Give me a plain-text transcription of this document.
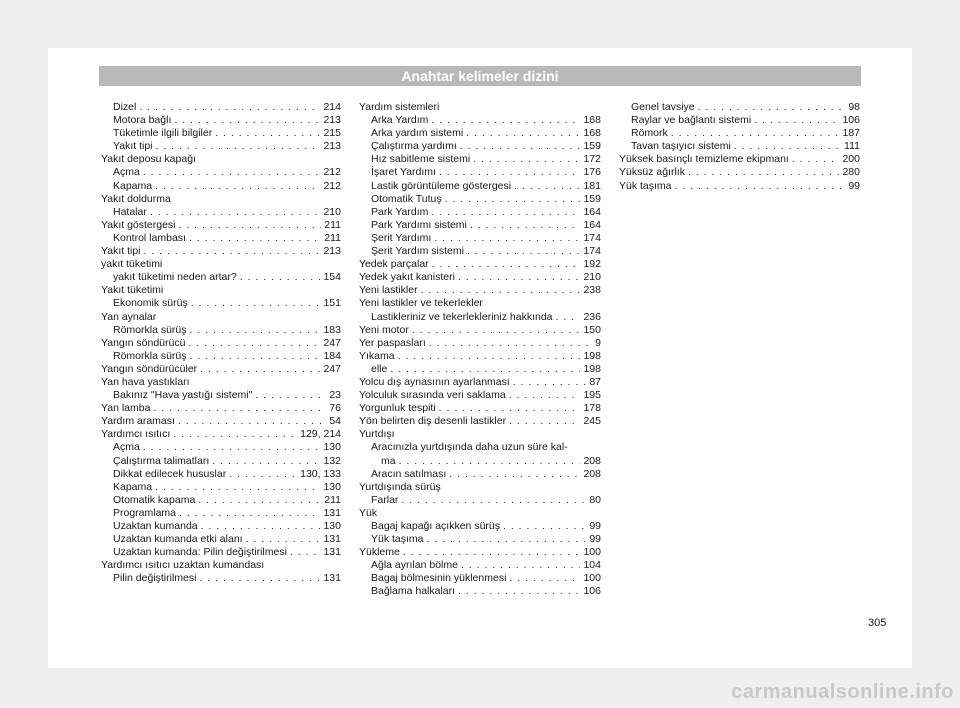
Anahtar kelimeler dizini
Dizel . . .	214
Motora bağlı . . .	213
Tüketimle ilgili bilgiler . . .	215
Yakıt tipi . . .	213
Yakıt deposu kapağı
Açma . . .	212
Kapama . . .	212
Yakıt doldurma
Hatalar . . .	210
Yakıt göstergesi . . .	211
Kontrol lambası . . .	211
Yakıt tipi . . .	213
yakıt tüketimi
yakıt tüketimi neden artar? . . .	154
Yakıt tüketimi
Ekonomik sürüş . . .	151
Yan aynalar
Römorkla sürüş . . .	183
Yangın söndürücü . . .	247
Römorkla sürüş . . .	184
Yangın söndürücüler . . .	247
Yan hava yastıkları
Bakınız "Hava yastığı sistemi" . . .	23
Yan lamba . . .	76
Yardım araması . . .	54
Yardımcı ısıtıcı . . .	129, 214
Açma . . .	130
Çalıştırma talimatları . . .	132
Dikkat edilecek hususlar . . .	130, 133
Kapama . . .	130
Otomatik kapama . . .	211
Programlama . . .	131
Uzaktan kumanda . . .	130
Uzaktan kumanda etki alanı . . .	131
Uzaktan kumanda: Pilin değiştirilmesi . . .	131
Yardımcı ısıtıcı uzaktan kumandası
Pilin değiştirilmesi . . .	131
Yardım sistemleri
Arka Yardım . . .	168
Arka yardım sistemi . . .	168
Çalıştırma yardımı . . .	159
Hız sabitleme sistemi . . .	172
İşaret Yardımı . . .	176
Lastik görüntüleme göstergesi . . .	181
Otomatik Tutuş . . .	159
Park Yardım . . .	164
Park Yardımı sistemi . . .	164
Şerit Yardımı . . .	174
Şerit Yardım sistemi . . .	174
Yedek parçalar . . .	192
Yedek yakıt kanisteri . . .	210
Yeni lastikler . . .	238
Yeni lastikler ve tekerlekler
Lastikleriniz ve tekerlekleriniz hakkında . . .	236
Yeni motor . . .	150
Yer paspasları . . .	9
Yıkama . . .	198
elle . . .	198
Yolcu dış aynasının ayarlanması . . .	87
Yolculuk sırasında veri saklama . . .	195
Yorgunluk tespiti . . .	178
Yön belirten diş desenli lastikler . . .	245
Yurtdışı
Aracınızla yurtdışında daha uzun süre kal-
ma . . .	208
Aracın satılması . . .	208
Yurtdışında sürüş
Farlar . . .	80
Yük
Bagaj kapağı açıkken sürüş . . .	99
Yük taşıma . . .	99
Yükleme . . .	100
Ağla ayrılan bölme . . .	104
Bagaj bölmesinin yüklenmesi . . .	100
Bağlama halkaları . . .	106
Genel tavsiye . . .	98
Raylar ve bağlantı sistemi . . .	106
Römork . . .	187
Tavan taşıyıcı sistemi . . .	111
Yüksek basınçlı temizleme ekipmanı . . .	200
Yüksüz ağırlık . . .	280
Yük taşıma . . .	99
305
carmanualsonline.info
